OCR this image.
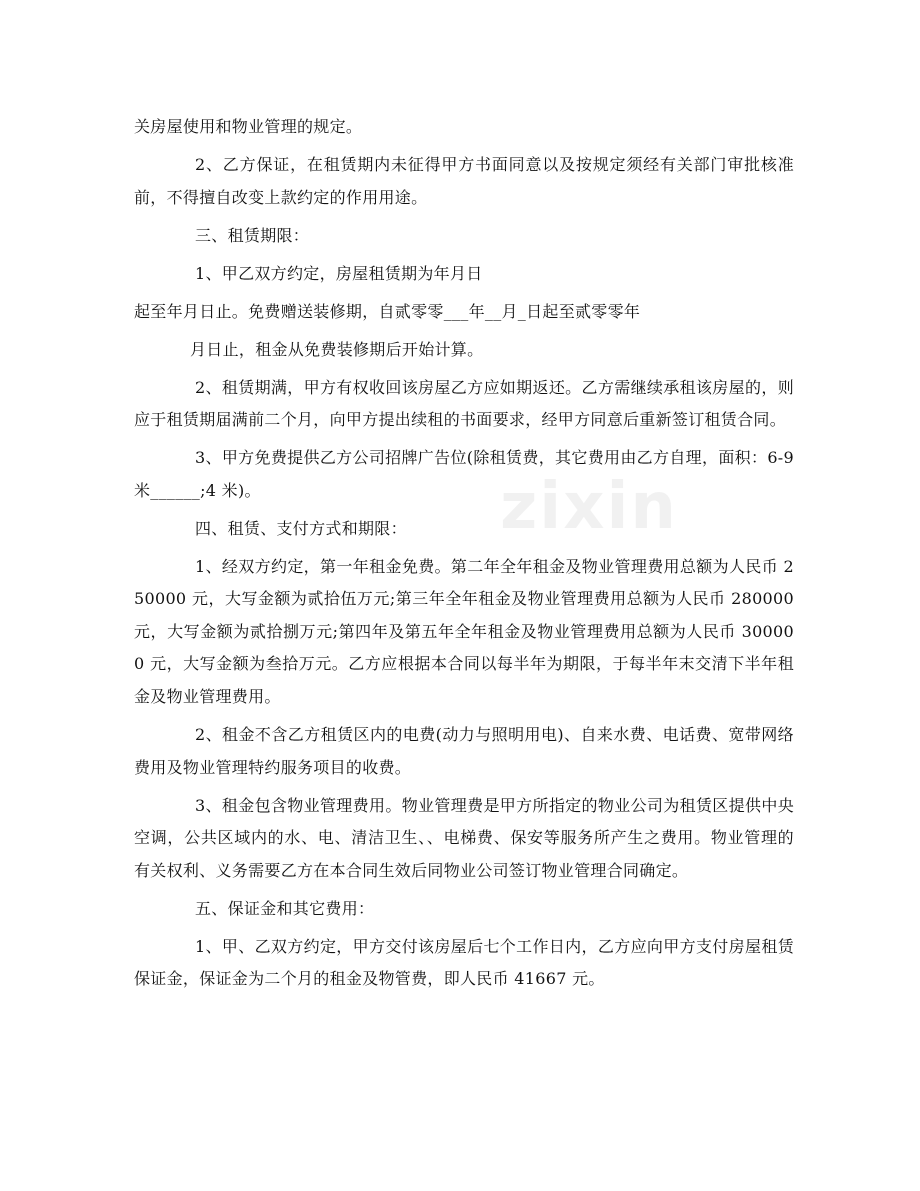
关房屋使用和物业管理的规定。

2、乙方保证，在租赁期内未征得甲方书面同意以及按规定须经有关部门审批核准前，不得擅自改变上款约定的作用用途。

三、租赁期限：

1、甲乙双方约定，房屋租赁期为年月日

起至年月日止。免费赠送装修期，自贰零零___年__月_日起至贰零零年

月日止，租金从免费装修期后开始计算。

2、租赁期满，甲方有权收回该房屋乙方应如期返还。乙方需继续承租该房屋的，则应于租赁期届满前二个月，向甲方提出续租的书面要求，经甲方同意后重新签订租赁合同。

3、甲方免费提供乙方公司招牌广告位(除租赁费，其它费用由乙方自理，面积：6-9 米______;4 米)。

四、租赁、支付方式和期限：

1、经双方约定，第一年租金免费。第二年全年租金及物业管理费用总额为人民币 250000 元，大写金额为贰拾伍万元;第三年全年租金及物业管理费用总额为人民币 280000 元，大写金额为贰拾捌万元;第四年及第五年全年租金及物业管理费用总额为人民币 300000 元，大写金额为叁拾万元。乙方应根据本合同以每半年为期限，于每半年末交清下半年租金及物业管理费用。

2、租金不含乙方租赁区内的电费(动力与照明用电)、自来水费、电话费、宽带网络费用及物业管理特约服务项目的收费。

3、租金包含物业管理费用。物业管理费是甲方所指定的物业公司为租赁区提供中央空调，公共区域内的水、电、清洁卫生、、电梯费、保安等服务所产生之费用。物业管理的有关权利、义务需要乙方在本合同生效后同物业公司签订物业管理合同确定。

五、保证金和其它费用：

1、甲、乙双方约定，甲方交付该房屋后七个工作日内，乙方应向甲方支付房屋租赁保证金，保证金为二个月的租金及物管费，即人民币 41667 元。

zixin
